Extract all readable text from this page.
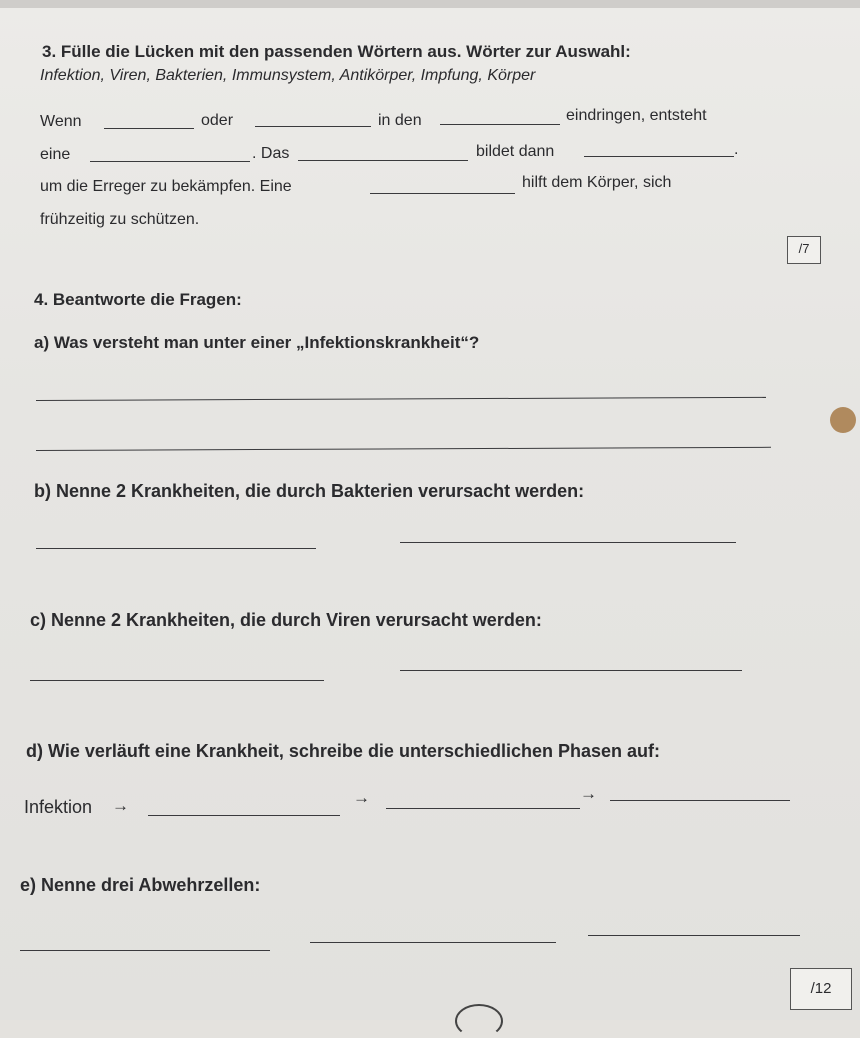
3. Fülle die Lücken mit den passenden Wörtern aus. Wörter zur Auswahl:
Infektion, Viren, Bakterien, Immunsystem, Antikörper, Impfung, Körper
Wenn	oder	in den	eindringen, entsteht
eine	. Das	bildet dann	.
um die Erreger zu bekämpfen. Eine	hilft dem Körper, sich
frühzeitig zu schützen.
/7
4. Beantworte die Fragen:
a) Was versteht man unter einer „Infektionskrankheit“?
b) Nenne 2 Krankheiten, die durch Bakterien verursacht werden:
c) Nenne 2 Krankheiten, die durch Viren verursacht werden:
d) Wie verläuft eine Krankheit, schreibe die unterschiedlichen Phasen auf:
Infektion →	→	→
e) Nenne drei Abwehrzellen:
/12
